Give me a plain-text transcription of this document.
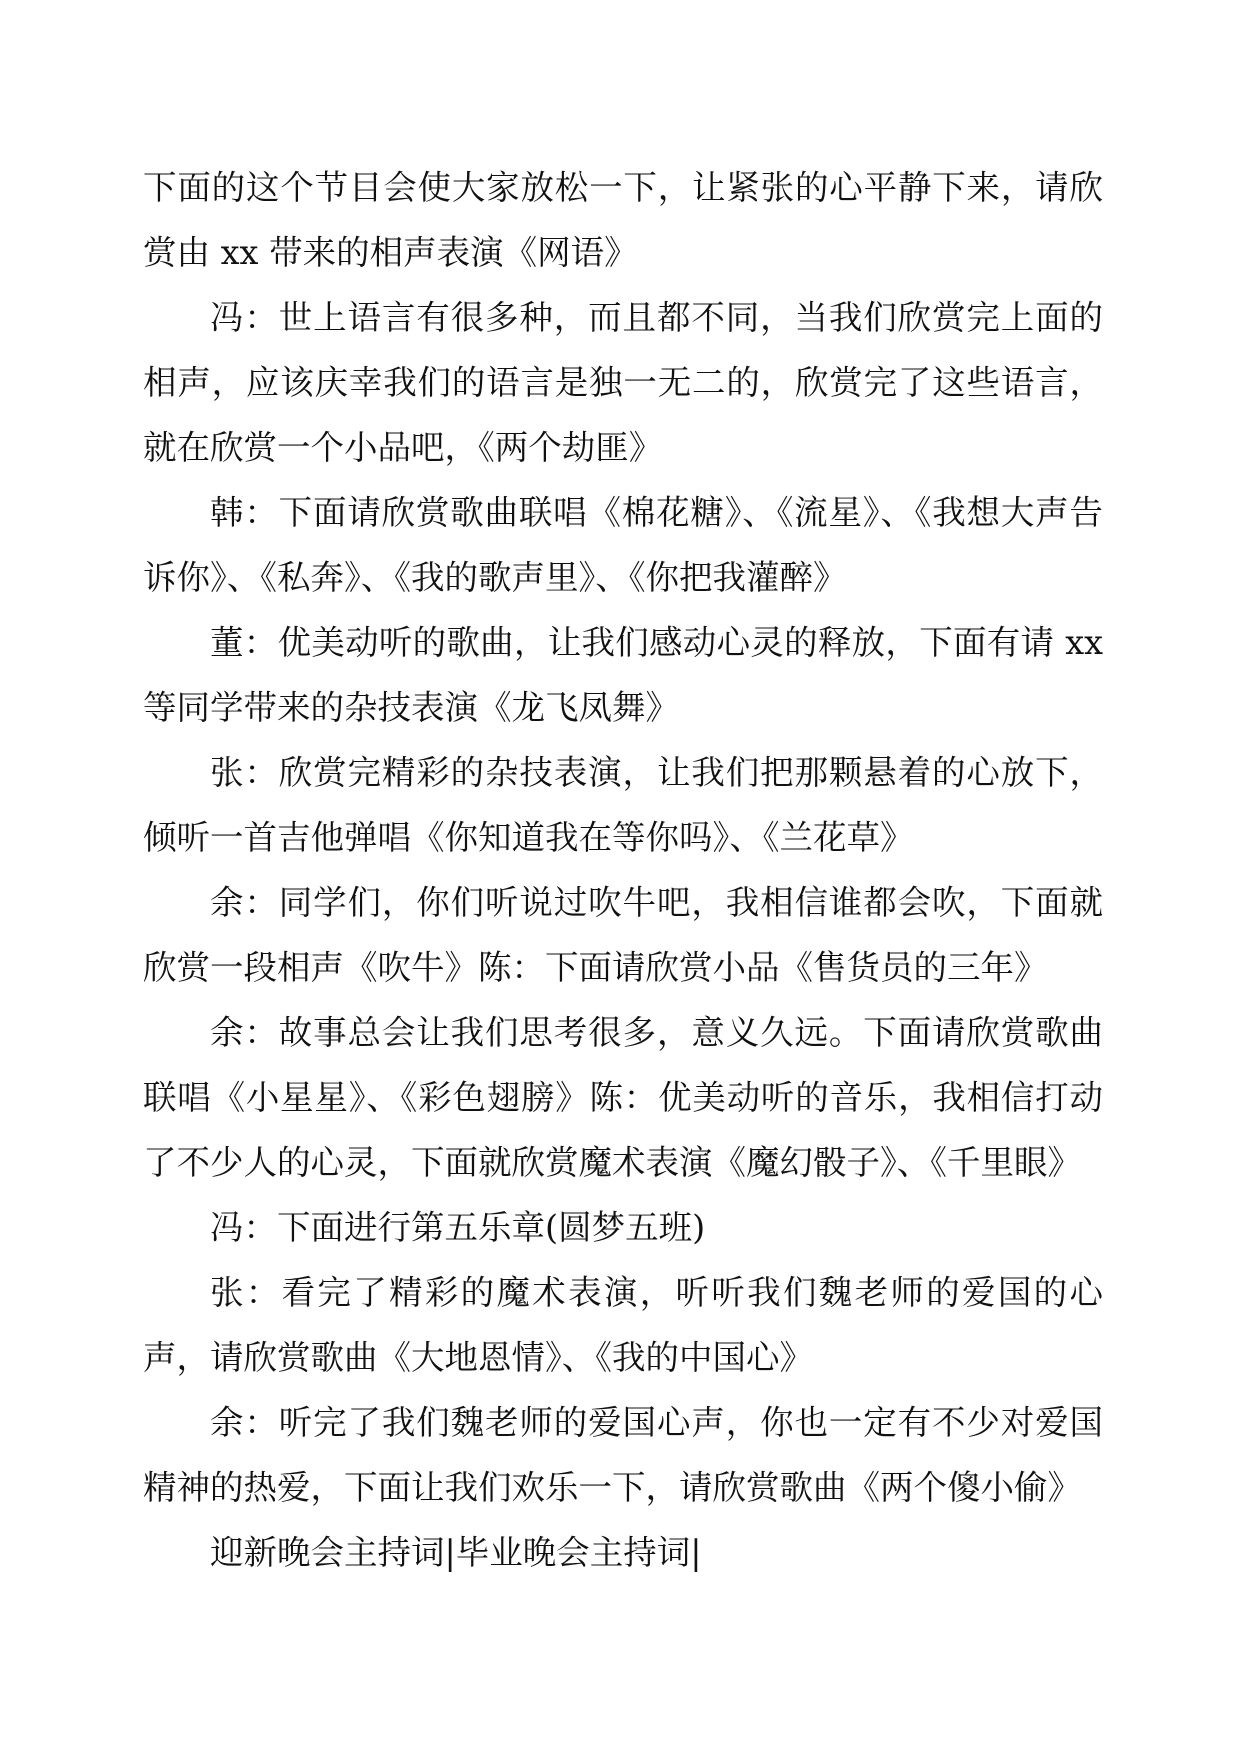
下面的这个节目会使大家放松一下，让紧张的心平静下来，请欣赏由 xx 带来的相声表演《网语》

冯：世上语言有很多种，而且都不同，当我们欣赏完上面的相声，应该庆幸我们的语言是独一无二的，欣赏完了这些语言，就在欣赏一个小品吧，《两个劫匪》

韩：下面请欣赏歌曲联唱《棉花糖》、《流星》、《我想大声告诉你》、《私奔》、《我的歌声里》、《你把我灌醉》

董：优美动听的歌曲，让我们感动心灵的释放，下面有请 xx 等同学带来的杂技表演《龙飞凤舞》

张：欣赏完精彩的杂技表演，让我们把那颗悬着的心放下，倾听一首吉他弹唱《你知道我在等你吗》、《兰花草》

余：同学们，你们听说过吹牛吧，我相信谁都会吹，下面就欣赏一段相声《吹牛》陈：下面请欣赏小品《售货员的三年》

余：故事总会让我们思考很多，意义久远。下面请欣赏歌曲联唱《小星星》、《彩色翅膀》陈：优美动听的音乐，我相信打动了不少人的心灵，下面就欣赏魔术表演《魔幻骰子》、《千里眼》

冯：下面进行第五乐章(圆梦五班)

张：看完了精彩的魔术表演，听听我们魏老师的爱国的心声，请欣赏歌曲《大地恩情》、《我的中国心》

余：听完了我们魏老师的爱国心声，你也一定有不少对爱国精神的热爱，下面让我们欢乐一下，请欣赏歌曲《两个傻小偷》

迎新晚会主持词|毕业晚会主持词|
